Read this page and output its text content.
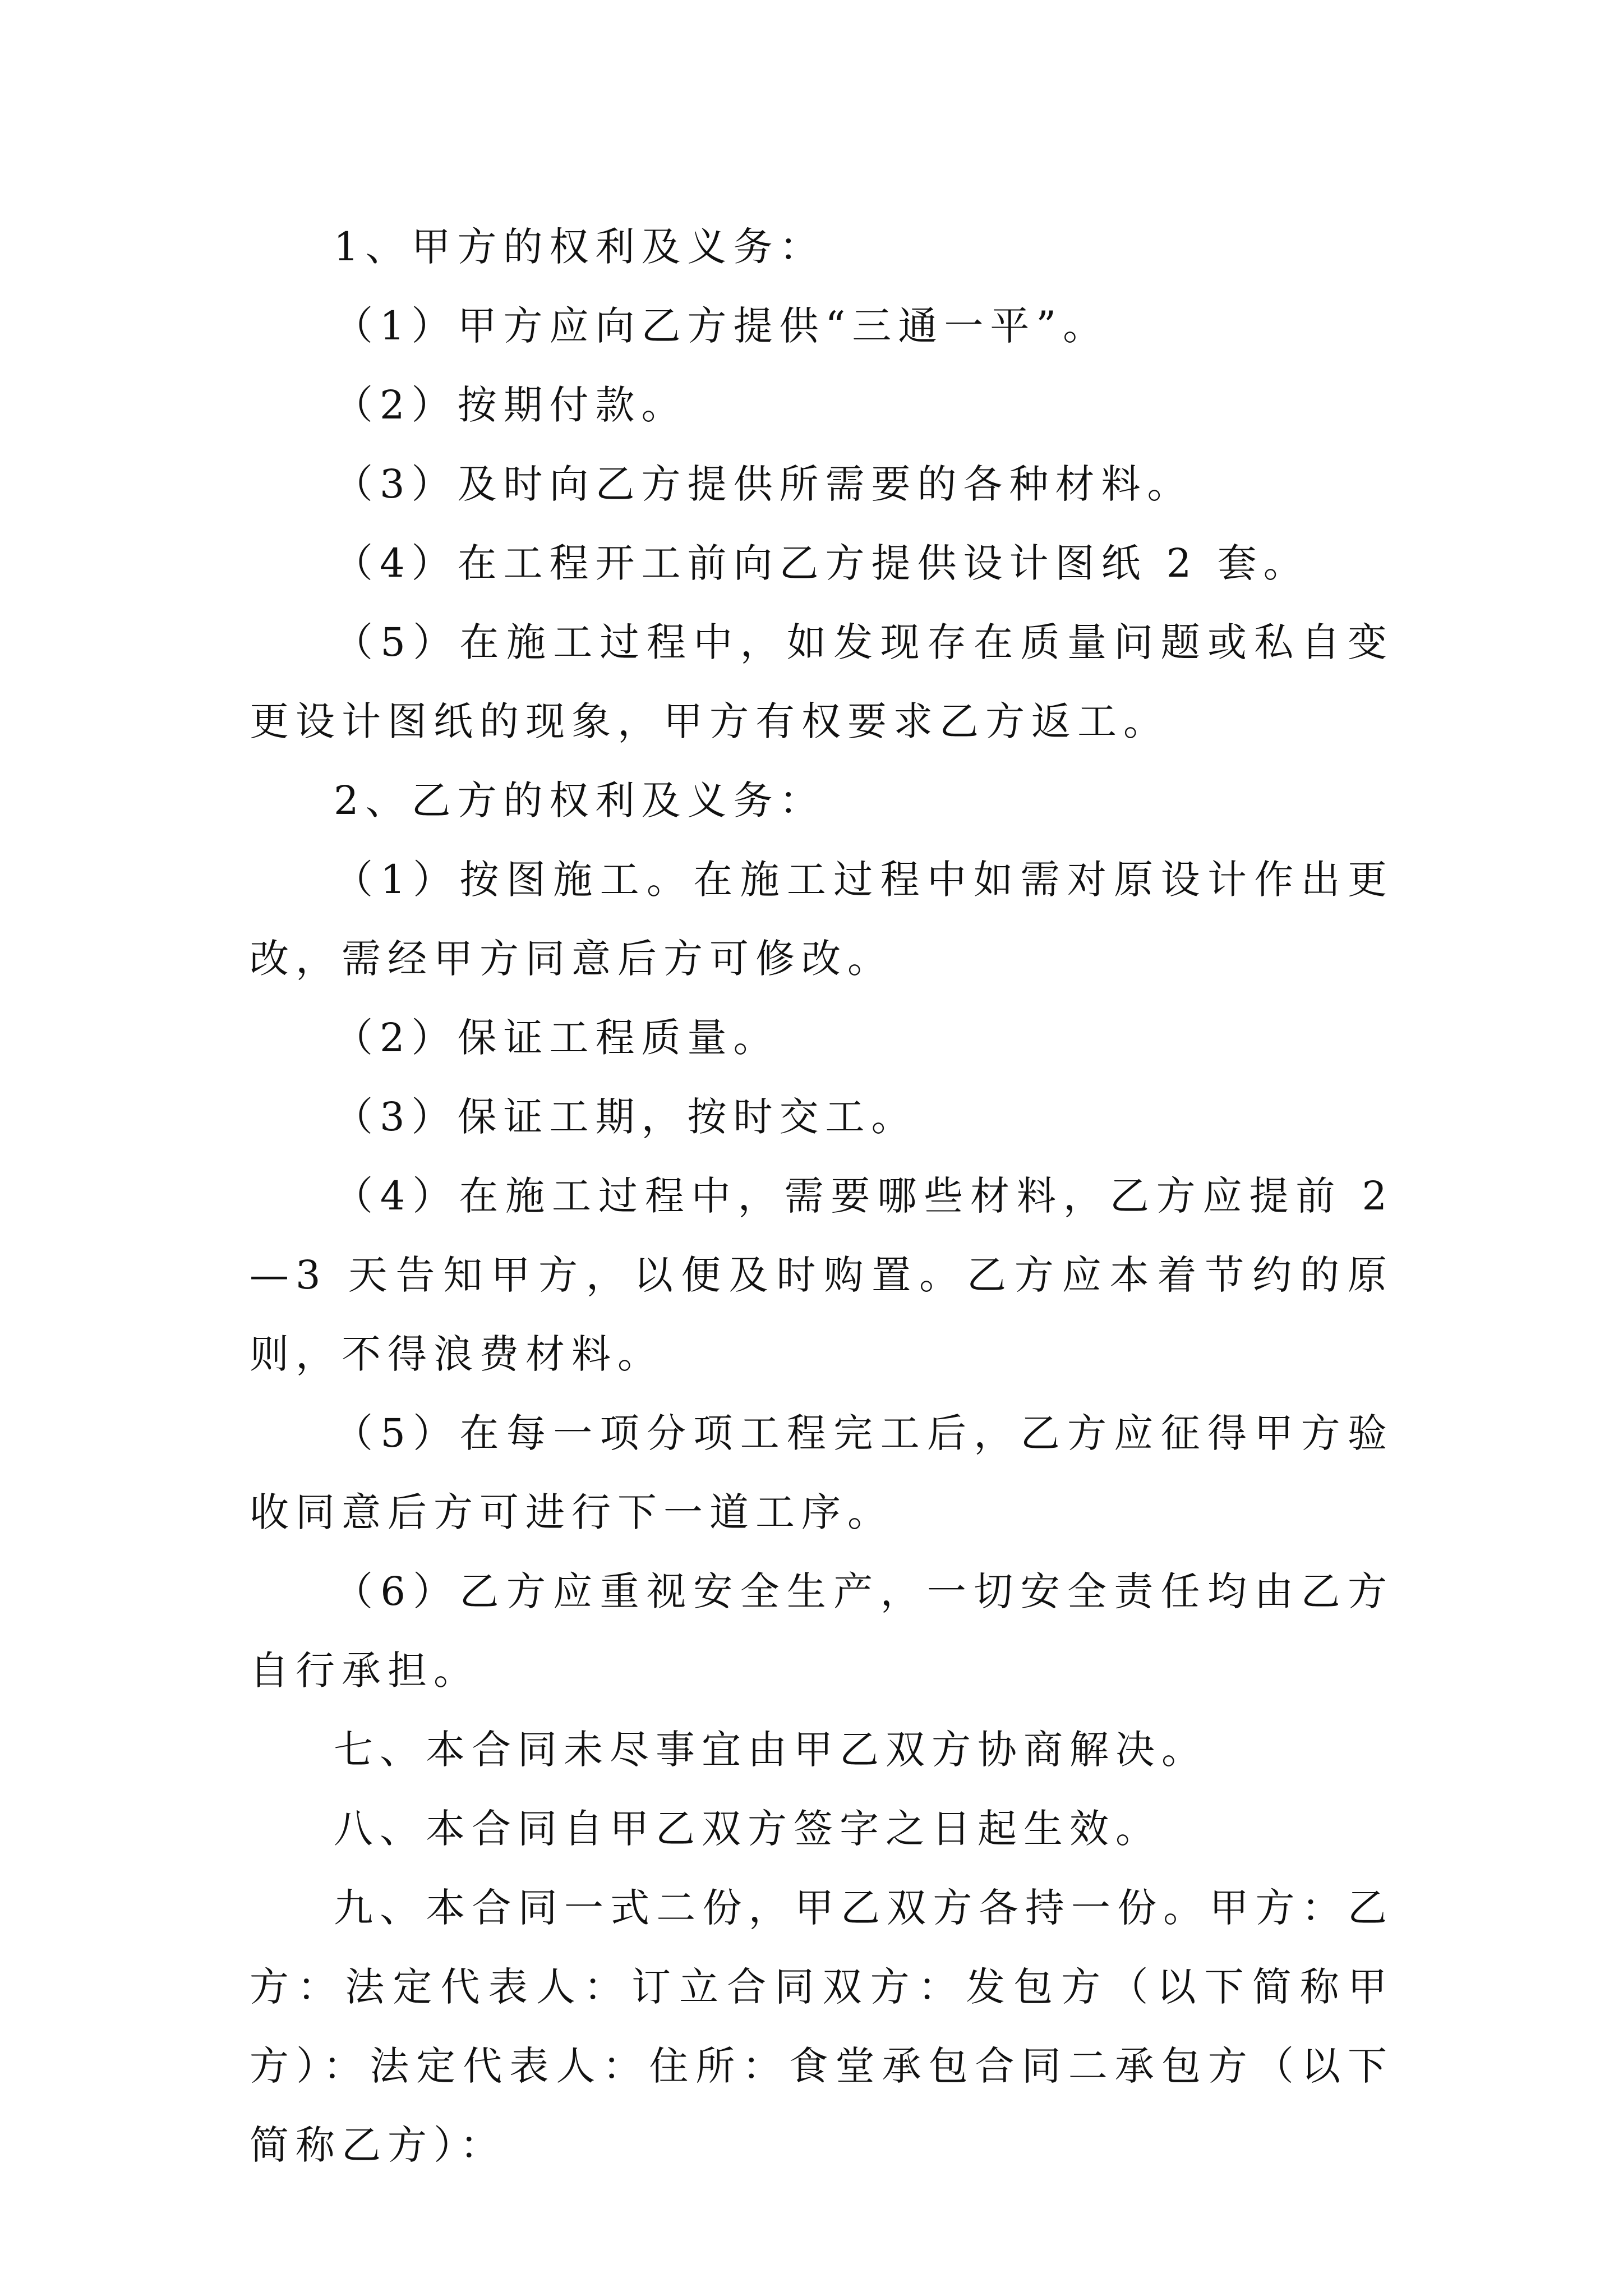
1、甲方的权利及义务：

（1）甲方应向乙方提供“三通一平”。

（2）按期付款。

（3）及时向乙方提供所需要的各种材料。

（4）在工程开工前向乙方提供设计图纸 2 套。

（5）在施工过程中，如发现存在质量问题或私自变更设计图纸的现象，甲方有权要求乙方返工。

2、乙方的权利及义务：

（1）按图施工。在施工过程中如需对原设计作出更改，需经甲方同意后方可修改。

（2）保证工程质量。

（3）保证工期，按时交工。

（4）在施工过程中，需要哪些材料，乙方应提前 2—3 天告知甲方，以便及时购置。乙方应本着节约的原则，不得浪费材料。

（5）在每一项分项工程完工后，乙方应征得甲方验收同意后方可进行下一道工序。

（6）乙方应重视安全生产，一切安全责任均由乙方自行承担。

七、本合同未尽事宜由甲乙双方协商解决。

八、本合同自甲乙双方签字之日起生效。

九、本合同一式二份，甲乙双方各持一份。甲方：乙方：法定代表人：订立合同双方：发包方（以下简称甲方）：法定代表人：住所：食堂承包合同二承包方（以下简称乙方）：
